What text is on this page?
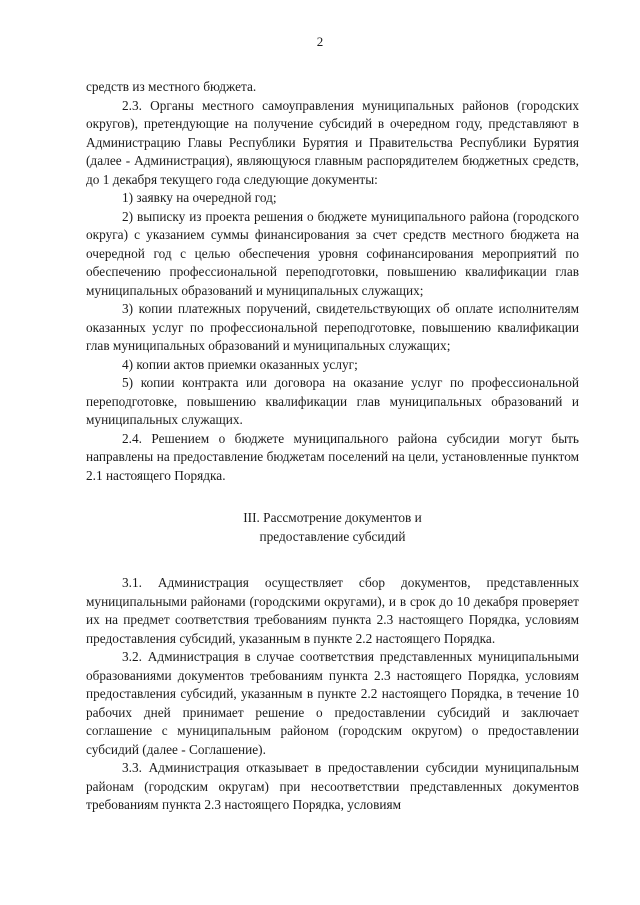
2

средств из местного бюджета.

2.3. Органы местного самоуправления муниципальных районов (городских округов), претендующие на получение субсидий в очередном году, представляют в Администрацию Главы Республики Бурятия и Правительства Республики Бурятия (далее - Администрация), являющуюся главным распорядителем бюджетных средств, до 1 декабря текущего года следующие документы:

1) заявку на очередной год;

2) выписку из проекта решения о бюджете муниципального района (городского округа) с указанием суммы финансирования за счет средств местного бюджета на очередной год с целью обеспечения уровня софинансирования мероприятий по обеспечению профессиональной переподготовки, повышению квалификации глав муниципальных образований и муниципальных служащих;

3) копии платежных поручений, свидетельствующих об оплате исполнителям оказанных услуг по профессиональной переподготовке, повышению квалификации глав муниципальных образований и муниципальных служащих;

4) копии актов приемки оказанных услуг;

5) копии контракта или договора на оказание услуг по профессиональной переподготовке, повышению квалификации глав муниципальных образований и муниципальных служащих.

2.4. Решением о бюджете муниципального района субсидии могут быть направлены на предоставление бюджетам поселений на цели, установленные пунктом 2.1 настоящего Порядка.

III. Рассмотрение документов и
предоставление субсидий

3.1. Администрация осуществляет сбор документов, представленных муниципальными районами (городскими округами), и в срок до 10 декабря проверяет их на предмет соответствия требованиям пункта 2.3 настоящего Порядка, условиям предоставления субсидий, указанным в пункте 2.2 настоящего Порядка.

3.2. Администрация в случае соответствия представленных муниципальными образованиями документов требованиям пункта 2.3 настоящего Порядка, условиям предоставления субсидий, указанным в пункте 2.2 настоящего Порядка, в течение 10 рабочих дней принимает решение о предоставлении субсидий и заключает соглашение с муниципальным районом (городским округом) о предоставлении субсидий (далее - Соглашение).

3.3. Администрация отказывает в предоставлении субсидии муниципальным районам (городским округам) при несоответствии представленных документов требованиям пункта 2.3 настоящего Порядка, условиям
